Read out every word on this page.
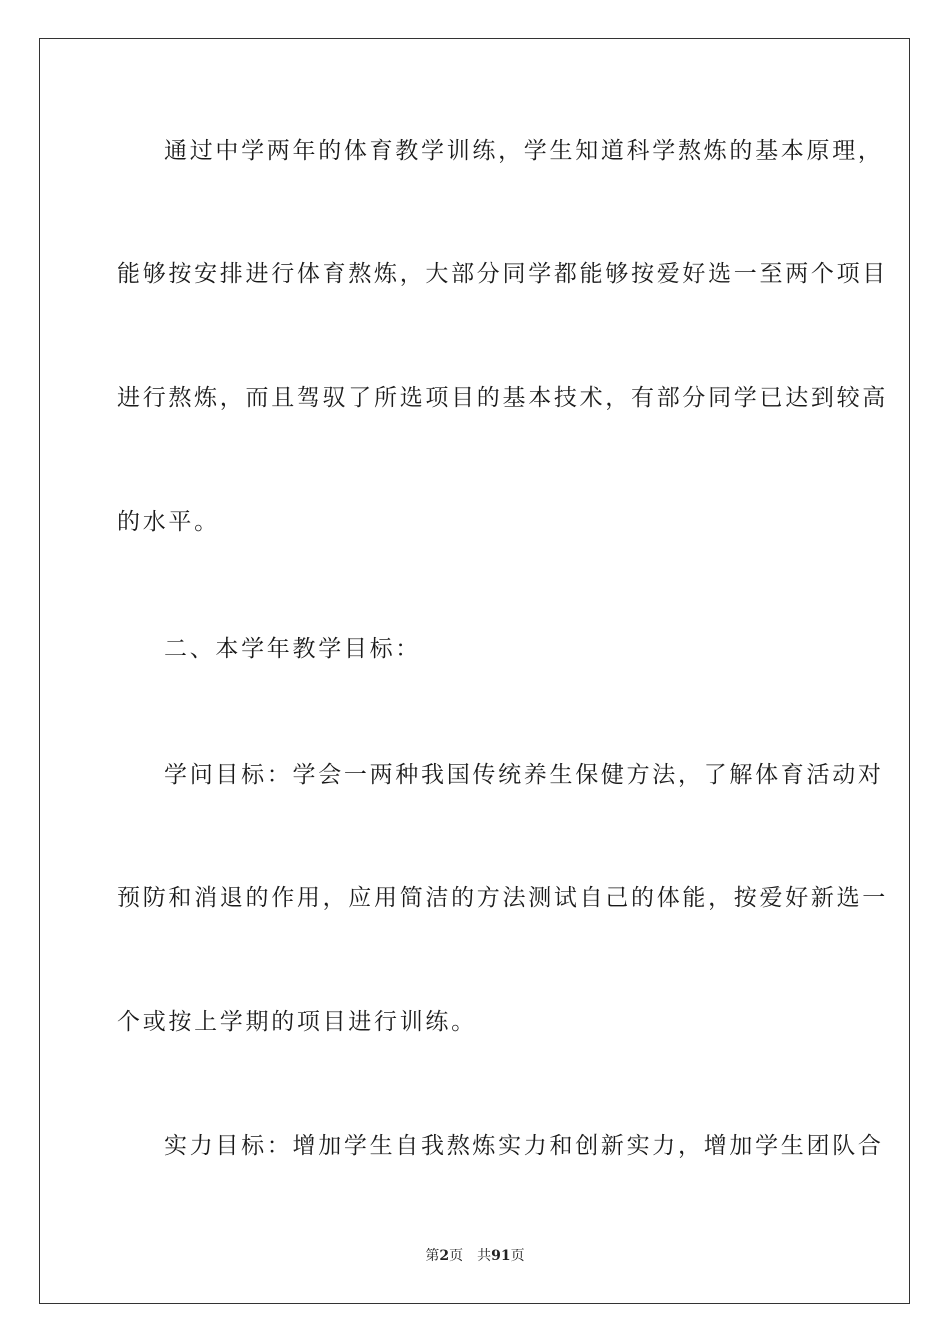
通过中学两年的体育教学训练，学生知道科学熬炼的基本原理，
能够按安排进行体育熬炼，大部分同学都能够按爱好选一至两个项目
进行熬炼，而且驾驭了所选项目的基本技术，有部分同学已达到较高
的水平。
二、本学年教学目标：
学问目标：学会一两种我国传统养生保健方法，了解体育活动对
预防和消退的作用，应用简洁的方法测试自己的体能，按爱好新选一
个或按上学期的项目进行训练。
实力目标：增加学生自我熬炼实力和创新实力，增加学生团队合
第2页 共91页
